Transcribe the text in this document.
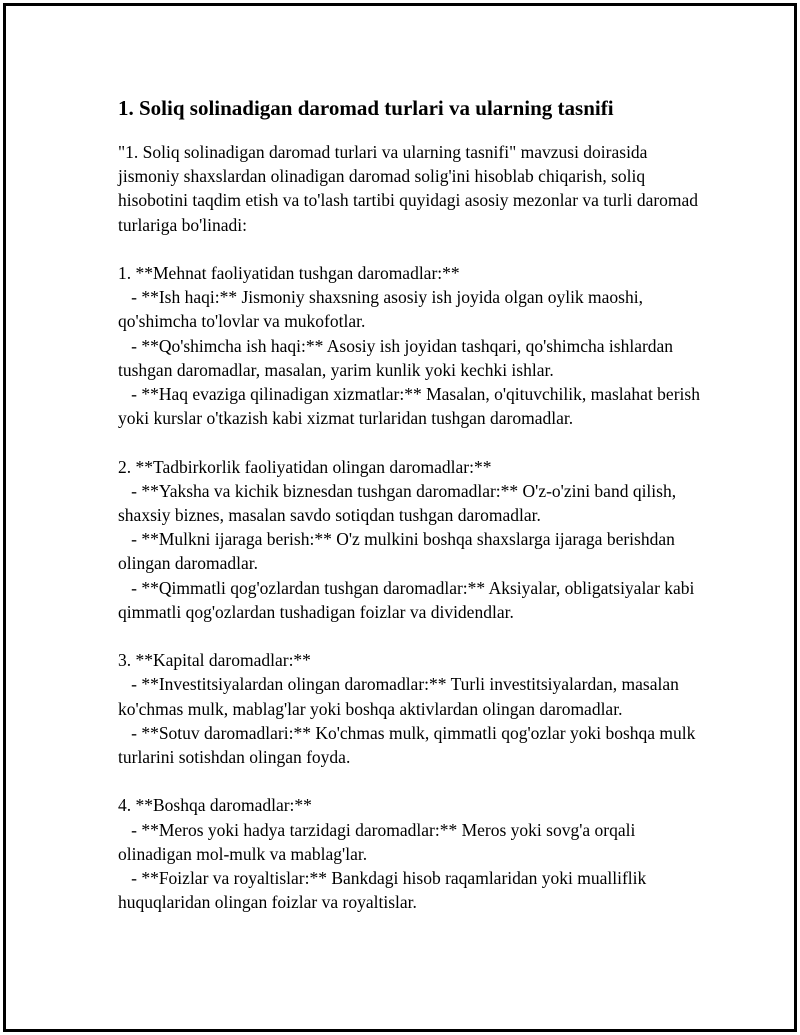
1. Soliq solinadigan daromad turlari va ularning tasnifi

"1. Soliq solinadigan daromad turlari va ularning tasnifi" mavzusi doirasida jismoniy shaxslardan olinadigan daromad solig'ini hisoblab chiqarish, soliq hisobotini taqdim etish va to'lash tartibi quyidagi asosiy mezonlar va turli daromad turlariga bo'linadi:

1. **Mehnat faoliyatidan tushgan daromadlar:**

- **Ish haqi:** Jismoniy shaxsning asosiy ish joyida olgan oylik maoshi, qo'shimcha to'lovlar va mukofotlar.

- **Qo'shimcha ish haqi:** Asosiy ish joyidan tashqari, qo'shimcha ishlardan tushgan daromadlar, masalan, yarim kunlik yoki kechki ishlar.

- **Haq evaziga qilinadigan xizmatlar:** Masalan, o'qituvchilik, maslahat berish yoki kurslar o'tkazish kabi xizmat turlaridan tushgan daromadlar.

2. **Tadbirkorlik faoliyatidan olingan daromadlar:**

- **Yaksha va kichik biznesdan tushgan daromadlar:** O'z-o'zini band qilish, shaxsiy biznes, masalan savdo sotiqdan tushgan daromadlar.

- **Mulkni ijaraga berish:** O'z mulkini boshqa shaxslarga ijaraga berishdan olingan daromadlar.

- **Qimmatli qog'ozlardan tushgan daromadlar:** Aksiyalar, obligatsiyalar kabi qimmatli qog'ozlardan tushadigan foizlar va dividendlar.

3. **Kapital daromadlar:**

- **Investitsiyalardan olingan daromadlar:** Turli investitsiyalardan, masalan ko'chmas mulk, mablag'lar yoki boshqa aktivlardan olingan daromadlar.

- **Sotuv daromadlari:** Ko'chmas mulk, qimmatli qog'ozlar yoki boshqa mulk turlarini sotishdan olingan foyda.

4. **Boshqa daromadlar:**

- **Meros yoki hadya tarzidagi daromadlar:** Meros yoki sovg'a orqali olinadigan mol-mulk va mablag'lar.

- **Foizlar va royaltislar:** Bankdagi hisob raqamlaridan yoki mualliflik huquqlaridan olingan foizlar va royaltislar.
